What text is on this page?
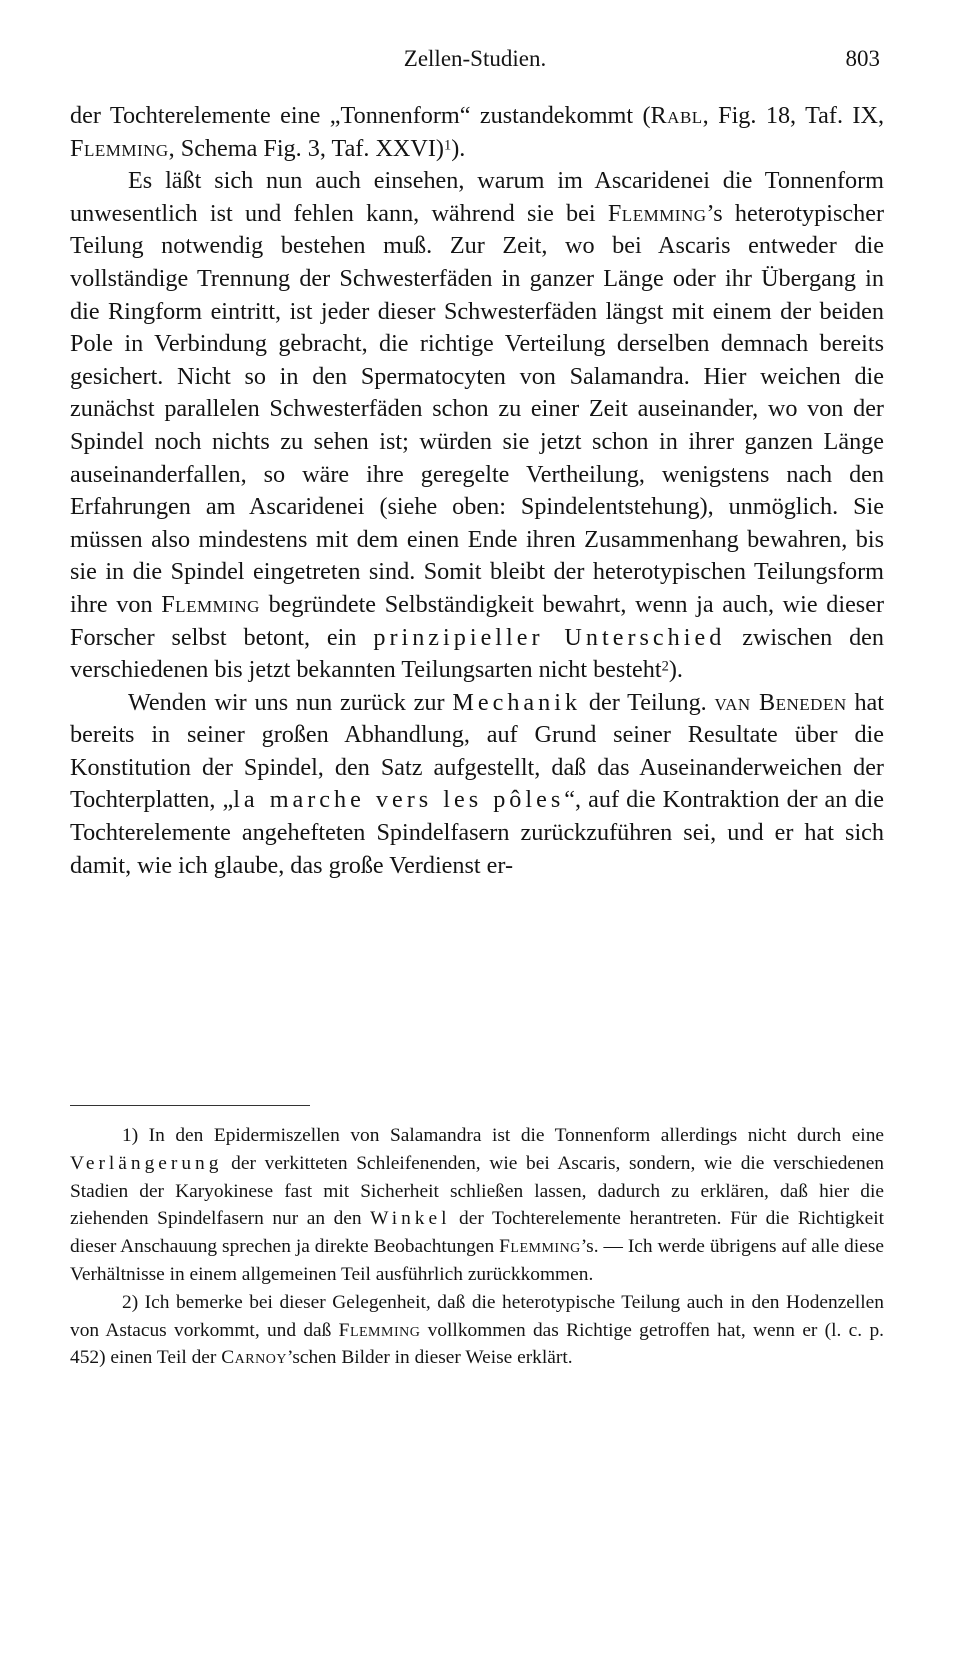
Zellen-Studien.	803

der Tochterelemente eine „Tonnenform“ zustandekommt (Rabl, Fig. 18, Taf. IX, Flemming, Schema Fig. 3, Taf. XXVI)$^1$).

Es läßt sich nun auch einsehen, warum im Ascaridenei die Tonnenform unwesentlich ist und fehlen kann, während sie bei Flemming’s heterotypischer Teilung notwendig bestehen muß. Zur Zeit, wo bei Ascaris entweder die vollständige Trennung der Schwesterfäden in ganzer Länge oder ihr Übergang in die Ringform eintritt, ist jeder dieser Schwesterfäden längst mit einem der beiden Pole in Verbindung gebracht, die richtige Verteilung derselben demnach bereits gesichert. Nicht so in den Spermatocyten von Salamandra. Hier weichen die zunächst parallelen Schwesterfäden schon zu einer Zeit auseinander, wo von der Spindel noch nichts zu sehen ist; würden sie jetzt schon in ihrer ganzen Länge auseinanderfallen, so wäre ihre geregelte Vertheilung, wenigstens nach den Erfahrungen am Ascaridenei (siehe oben: Spindelentstehung), unmöglich. Sie müssen also mindestens mit dem einen Ende ihren Zusammenhang bewahren, bis sie in die Spindel eingetreten sind. Somit bleibt der heterotypischen Teilungsform ihre von Flemming begründete Selbständigkeit bewahrt, wenn ja auch, wie dieser Forscher selbst betont, ein prinzipieller Unterschied zwischen den verschiedenen bis jetzt bekannten Teilungsarten nicht besteht$^2$).

Wenden wir uns nun zurück zur Mechanik der Teilung. van Beneden hat bereits in seiner großen Abhandlung, auf Grund seiner Resultate über die Konstitution der Spindel, den Satz aufgestellt, daß das Auseinanderweichen der Tochterplatten, „la marche vers les pôles“, auf die Kontraktion der an die Tochterelemente angehefteten Spindelfasern zurückzuführen sei, und er hat sich damit, wie ich glaube, das große Verdienst er-

1) In den Epidermiszellen von Salamandra ist die Tonnenform allerdings nicht durch eine Verlängerung der verkitteten Schleifenenden, wie bei Ascaris, sondern, wie die verschiedenen Stadien der Karyokinese fast mit Sicherheit schließen lassen, dadurch zu erklären, daß hier die ziehenden Spindelfasern nur an den Winkel der Tochterelemente herantreten. Für die Richtigkeit dieser Anschauung sprechen ja direkte Beobachtungen Flemming’s. — Ich werde übrigens auf alle diese Verhältnisse in einem allgemeinen Teil ausführlich zurückkommen.

2) Ich bemerke bei dieser Gelegenheit, daß die heterotypische Teilung auch in den Hodenzellen von Astacus vorkommt, und daß Flemming vollkommen das Richtige getroffen hat, wenn er (l. c. p. 452) einen Teil der Carnoy’schen Bilder in dieser Weise erklärt.
